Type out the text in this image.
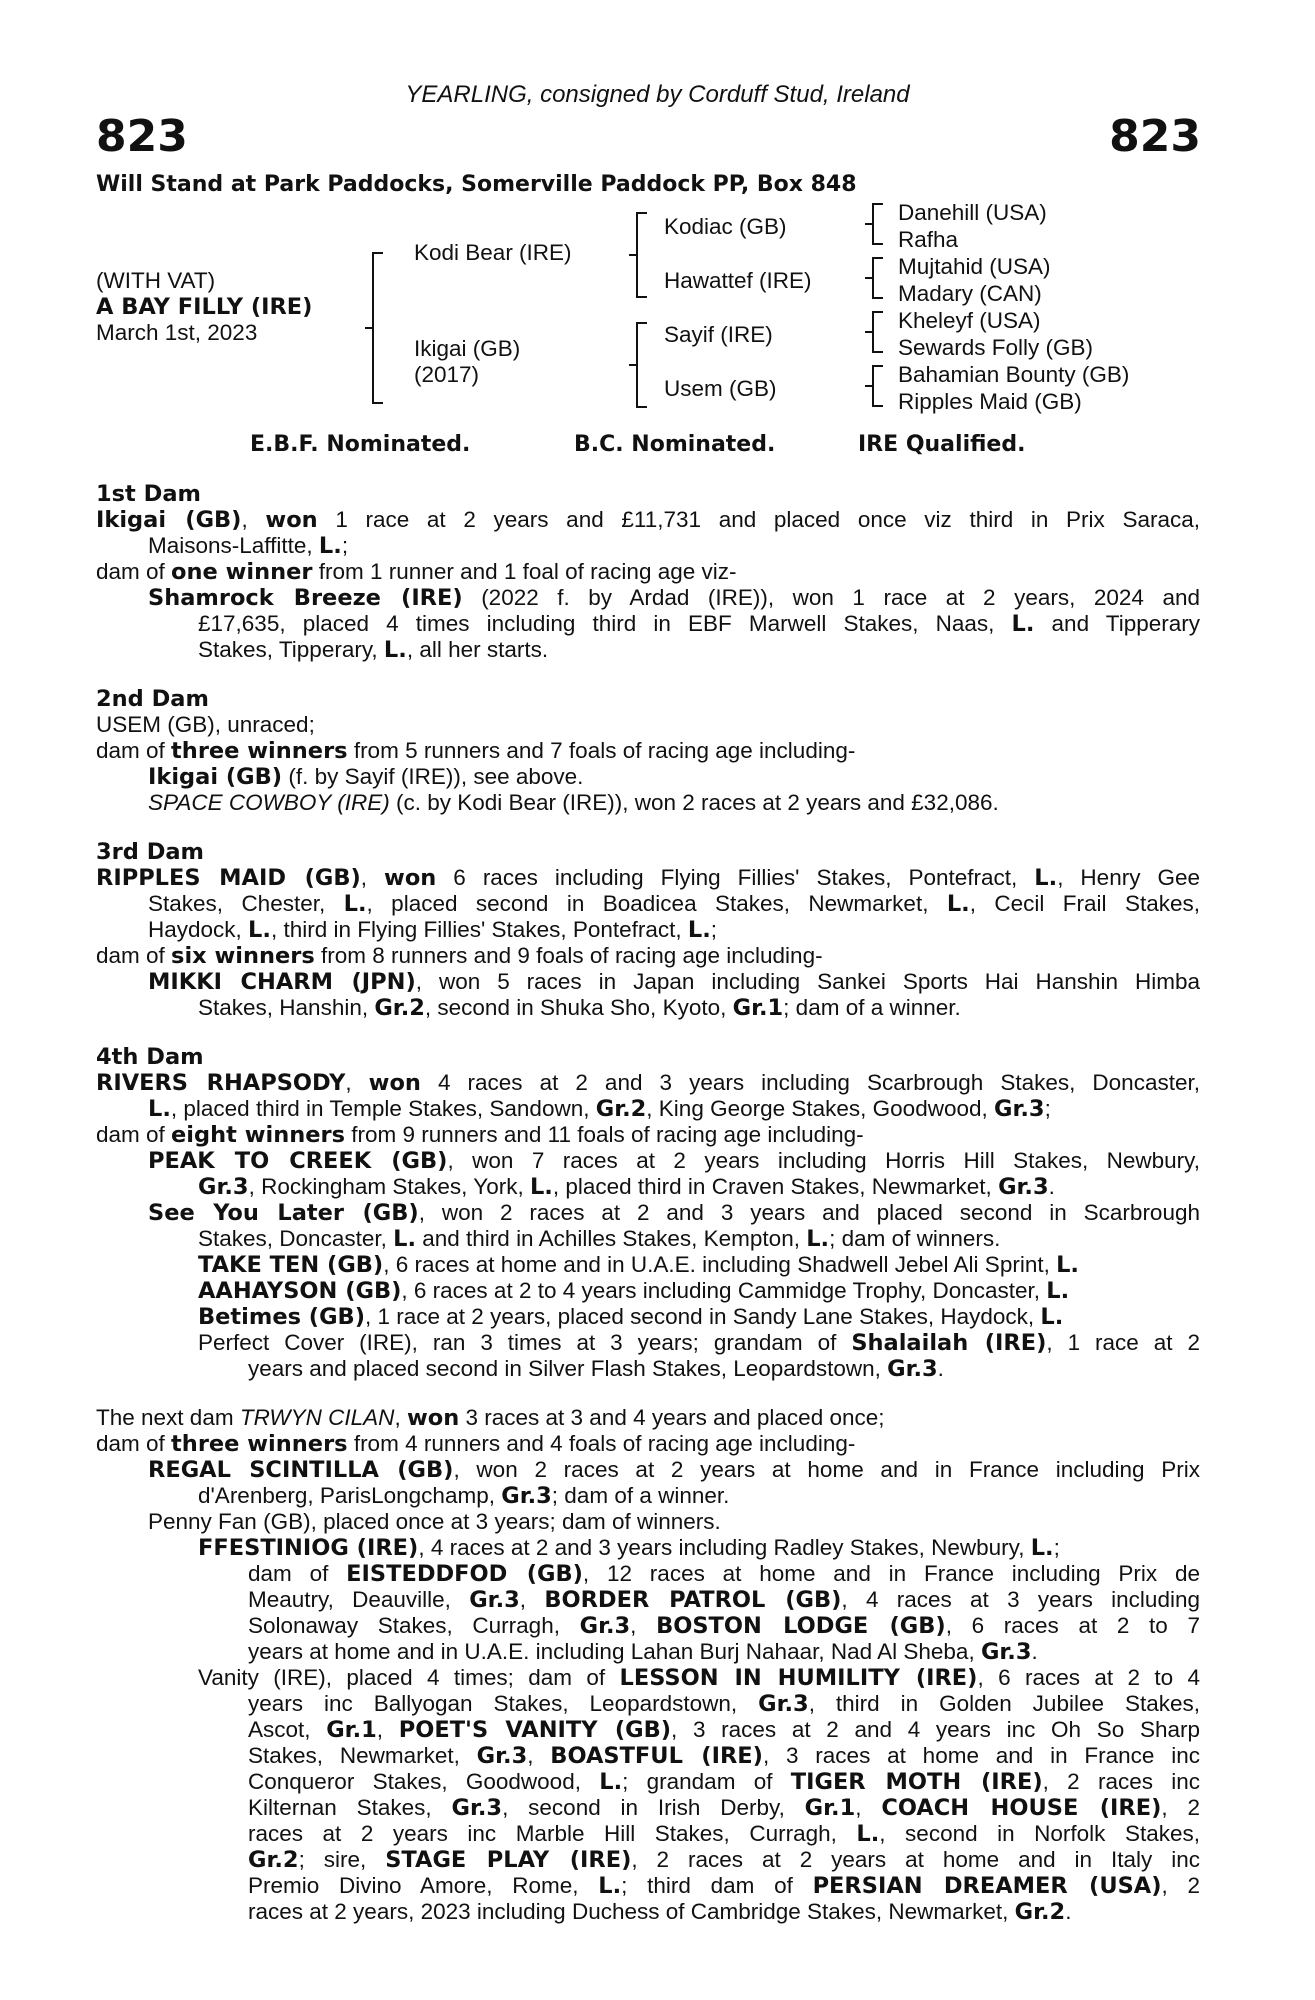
YEARLING, consigned by Corduff Stud, Ireland
823	823
Will Stand at Park Paddocks, Somerville Paddock PP, Box 848
(WITH VAT)
A BAY FILLY (IRE)
March 1st, 2023
Kodi Bear (IRE)
Ikigai (GB)
(2017)
Kodiac (GB)
Hawattef (IRE)
Sayif (IRE)
Usem (GB)
Danehill (USA)
Rafha
Mujtahid (USA)
Madary (CAN)
Kheleyf (USA)
Sewards Folly (GB)
Bahamian Bounty (GB)
Ripples Maid (GB)
E.B.F. Nominated.	B.C. Nominated.	IRE Qualified.
1st Dam
Ikigai (GB), won 1 race at 2 years and £11,731 and placed once viz third in Prix Saraca,
Maisons-Laffitte, L.;
dam of one winner from 1 runner and 1 foal of racing age viz-
Shamrock Breeze (IRE) (2022 f. by Ardad (IRE)), won 1 race at 2 years, 2024 and
£17,635, placed 4 times including third in EBF Marwell Stakes, Naas, L. and Tipperary
Stakes, Tipperary, L., all her starts.
2nd Dam
USEM (GB), unraced;
dam of three winners from 5 runners and 7 foals of racing age including-
Ikigai (GB) (f. by Sayif (IRE)), see above.
SPACE COWBOY (IRE) (c. by Kodi Bear (IRE)), won 2 races at 2 years and £32,086.
3rd Dam
RIPPLES MAID (GB), won 6 races including Flying Fillies' Stakes, Pontefract, L., Henry Gee
Stakes, Chester, L., placed second in Boadicea Stakes, Newmarket, L., Cecil Frail Stakes,
Haydock, L., third in Flying Fillies' Stakes, Pontefract, L.;
dam of six winners from 8 runners and 9 foals of racing age including-
MIKKI CHARM (JPN), won 5 races in Japan including Sankei Sports Hai Hanshin Himba
Stakes, Hanshin, Gr.2, second in Shuka Sho, Kyoto, Gr.1; dam of a winner.
4th Dam
RIVERS RHAPSODY, won 4 races at 2 and 3 years including Scarbrough Stakes, Doncaster,
L., placed third in Temple Stakes, Sandown, Gr.2, King George Stakes, Goodwood, Gr.3;
dam of eight winners from 9 runners and 11 foals of racing age including-
PEAK TO CREEK (GB), won 7 races at 2 years including Horris Hill Stakes, Newbury,
Gr.3, Rockingham Stakes, York, L., placed third in Craven Stakes, Newmarket, Gr.3.
See You Later (GB), won 2 races at 2 and 3 years and placed second in Scarbrough
Stakes, Doncaster, L. and third in Achilles Stakes, Kempton, L.; dam of winners.
TAKE TEN (GB), 6 races at home and in U.A.E. including Shadwell Jebel Ali Sprint, L.
AAHAYSON (GB), 6 races at 2 to 4 years including Cammidge Trophy, Doncaster, L.
Betimes (GB), 1 race at 2 years, placed second in Sandy Lane Stakes, Haydock, L.
Perfect Cover (IRE), ran 3 times at 3 years; grandam of Shalailah (IRE), 1 race at 2
years and placed second in Silver Flash Stakes, Leopardstown, Gr.3.
The next dam TRWYN CILAN, won 3 races at 3 and 4 years and placed once;
dam of three winners from 4 runners and 4 foals of racing age including-
REGAL SCINTILLA (GB), won 2 races at 2 years at home and in France including Prix
d'Arenberg, ParisLongchamp, Gr.3; dam of a winner.
Penny Fan (GB), placed once at 3 years; dam of winners.
FFESTINIOG (IRE), 4 races at 2 and 3 years including Radley Stakes, Newbury, L.;
dam of EISTEDDFOD (GB), 12 races at home and in France including Prix de
Meautry, Deauville, Gr.3, BORDER PATROL (GB), 4 races at 3 years including
Solonaway Stakes, Curragh, Gr.3, BOSTON LODGE (GB), 6 races at 2 to 7
years at home and in U.A.E. including Lahan Burj Nahaar, Nad Al Sheba, Gr.3.
Vanity (IRE), placed 4 times; dam of LESSON IN HUMILITY (IRE), 6 races at 2 to 4
years inc Ballyogan Stakes, Leopardstown, Gr.3, third in Golden Jubilee Stakes,
Ascot, Gr.1, POET'S VANITY (GB), 3 races at 2 and 4 years inc Oh So Sharp
Stakes, Newmarket, Gr.3, BOASTFUL (IRE), 3 races at home and in France inc
Conqueror Stakes, Goodwood, L.; grandam of TIGER MOTH (IRE), 2 races inc
Kilternan Stakes, Gr.3, second in Irish Derby, Gr.1, COACH HOUSE (IRE), 2
races at 2 years inc Marble Hill Stakes, Curragh, L., second in Norfolk Stakes,
Gr.2; sire, STAGE PLAY (IRE), 2 races at 2 years at home and in Italy inc
Premio Divino Amore, Rome, L.; third dam of PERSIAN DREAMER (USA), 2
races at 2 years, 2023 including Duchess of Cambridge Stakes, Newmarket, Gr.2.
